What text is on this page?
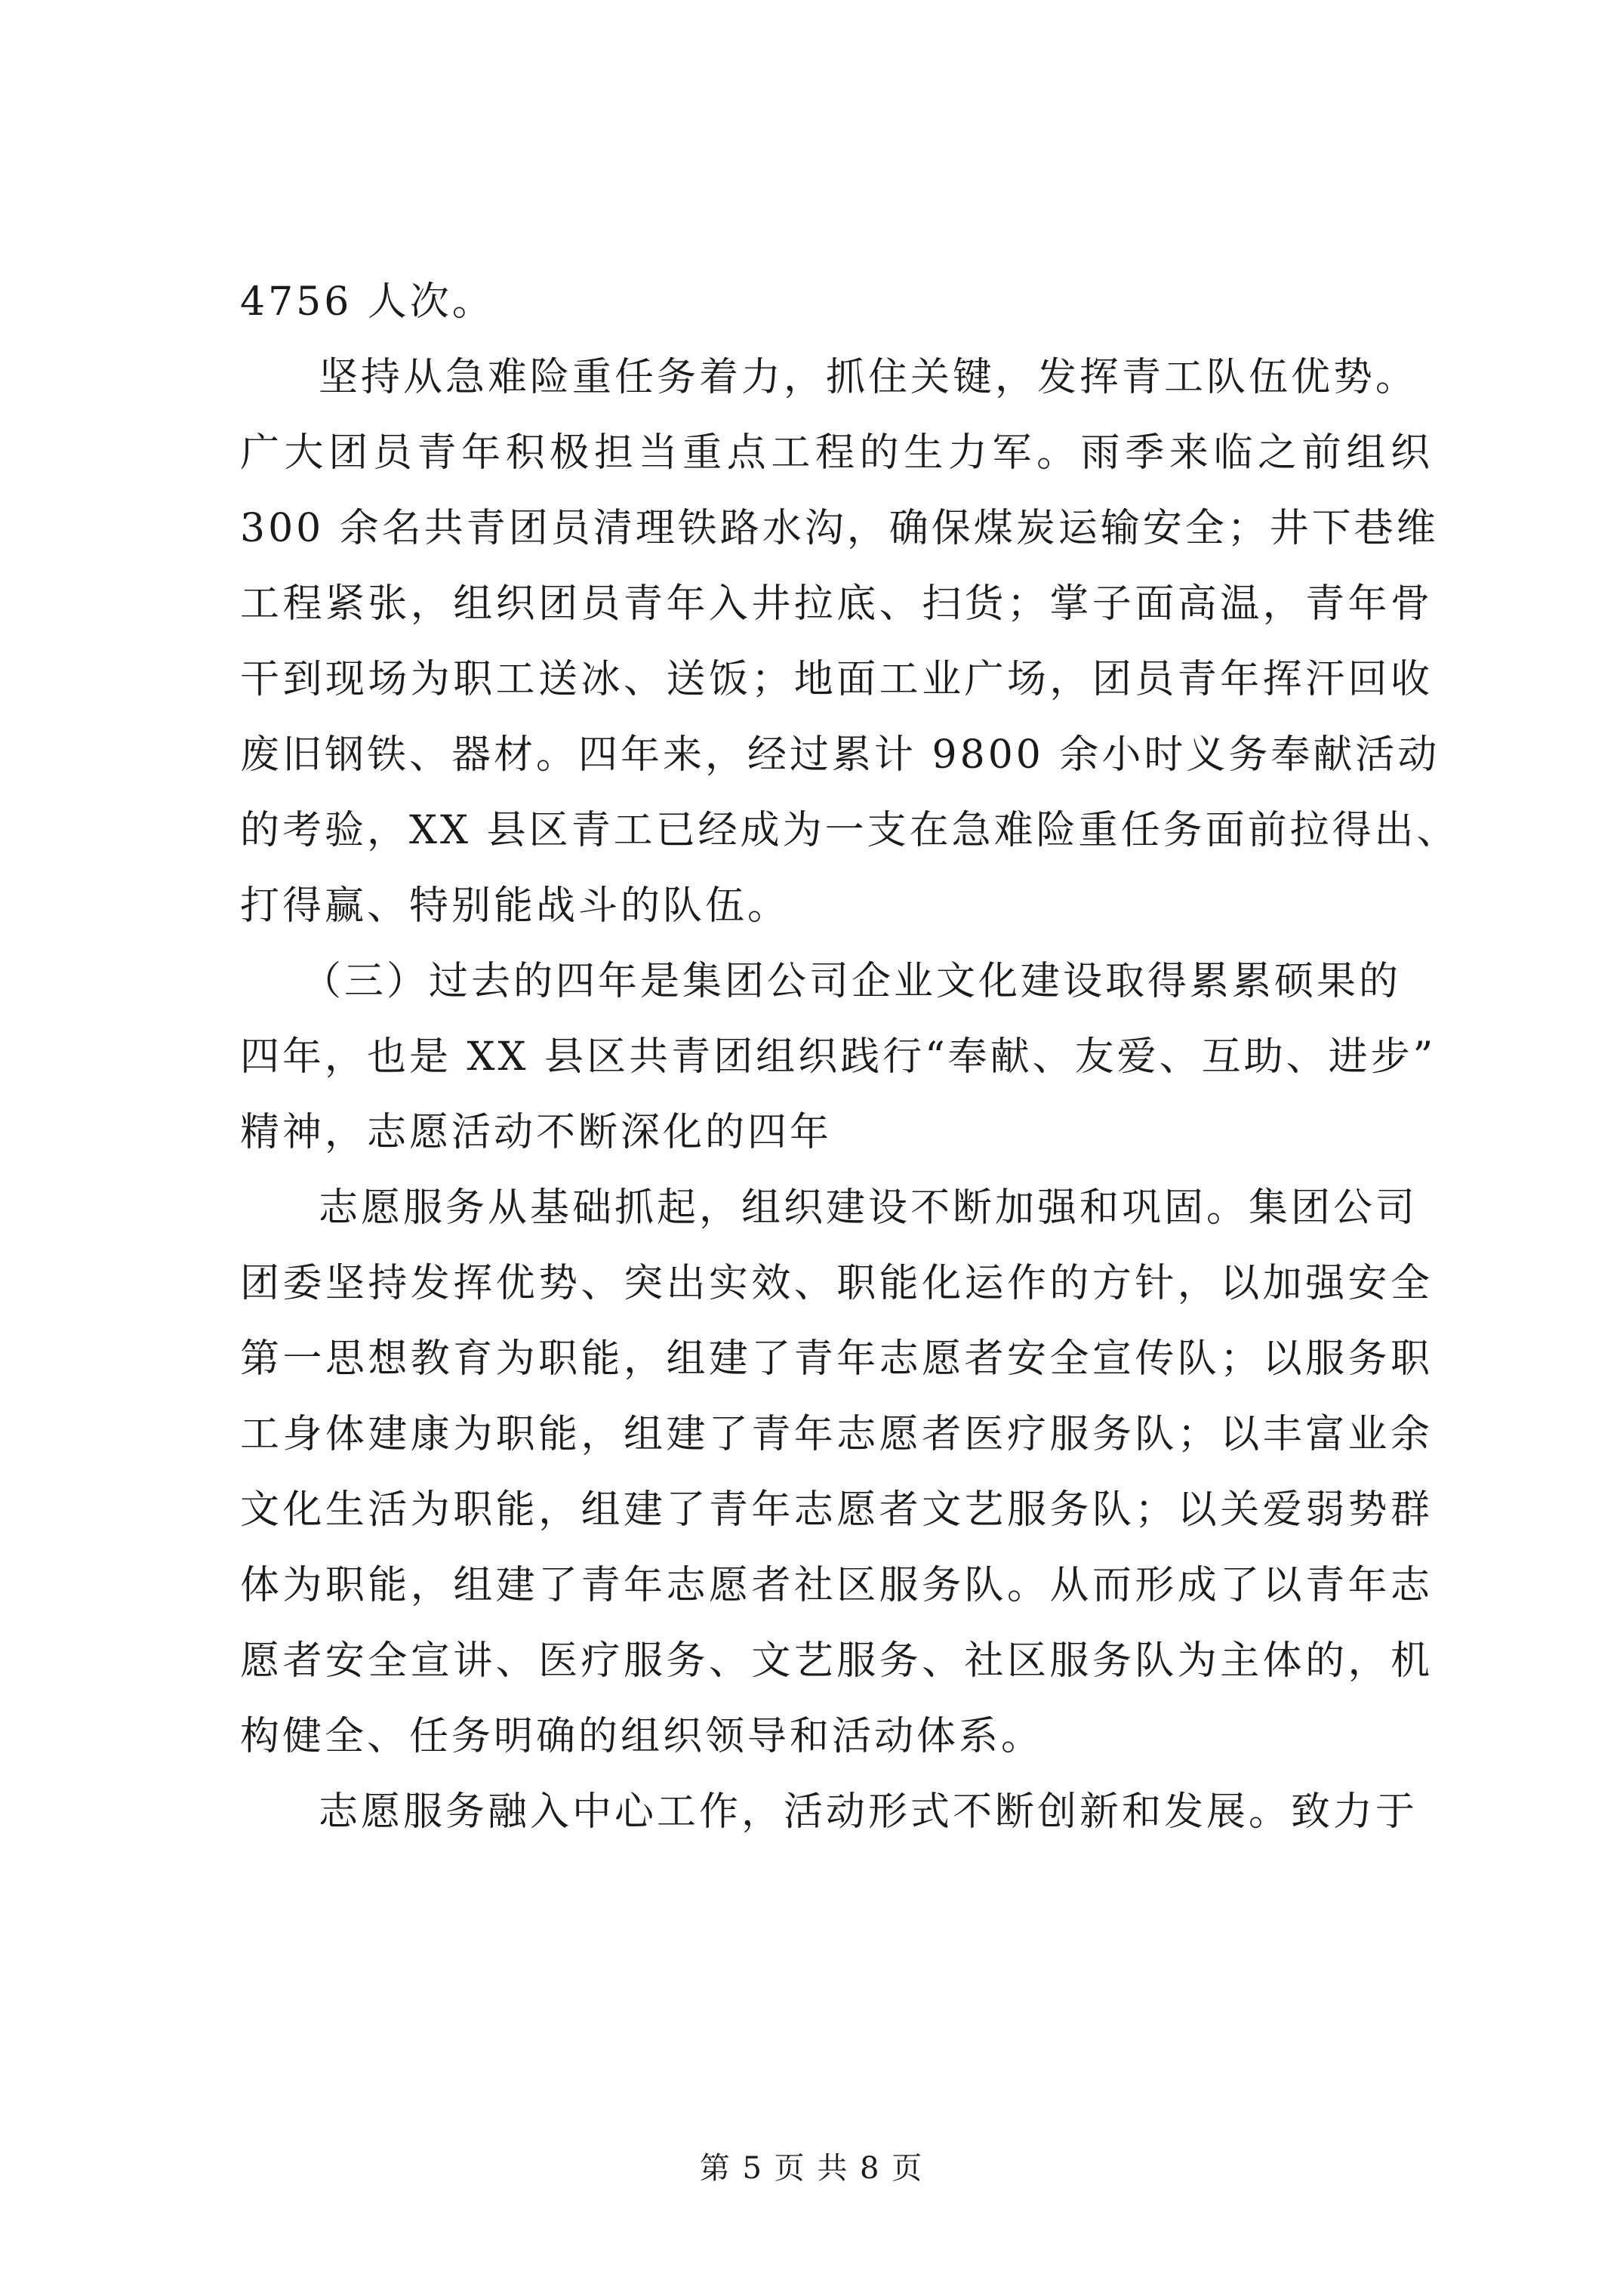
4756 人次。
坚持从急难险重任务着力，抓住关键，发挥青工队伍优势。
广大团员青年积极担当重点工程的生力军。雨季来临之前组织
300 余名共青团员清理铁路水沟，确保煤炭运输安全；井下巷维
工程紧张，组织团员青年入井拉底、扫货；掌子面高温，青年骨
干到现场为职工送冰、送饭；地面工业广场，团员青年挥汗回收
废旧钢铁、器材。四年来，经过累计 9800 余小时义务奉献活动
的考验，XX 县区青工已经成为一支在急难险重任务面前拉得出、
打得赢、特别能战斗的队伍。
（三）过去的四年是集团公司企业文化建设取得累累硕果的
四年，也是 XX 县区共青团组织践行“奉献、友爱、互助、进步”
精神，志愿活动不断深化的四年
志愿服务从基础抓起，组织建设不断加强和巩固。集团公司
团委坚持发挥优势、突出实效、职能化运作的方针，以加强安全
第一思想教育为职能，组建了青年志愿者安全宣传队；以服务职
工身体建康为职能，组建了青年志愿者医疗服务队；以丰富业余
文化生活为职能，组建了青年志愿者文艺服务队；以关爱弱势群
体为职能，组建了青年志愿者社区服务队。从而形成了以青年志
愿者安全宣讲、医疗服务、文艺服务、社区服务队为主体的，机
构健全、任务明确的组织领导和活动体系。
志愿服务融入中心工作，活动形式不断创新和发展。致力于
第 5 页 共 8 页
